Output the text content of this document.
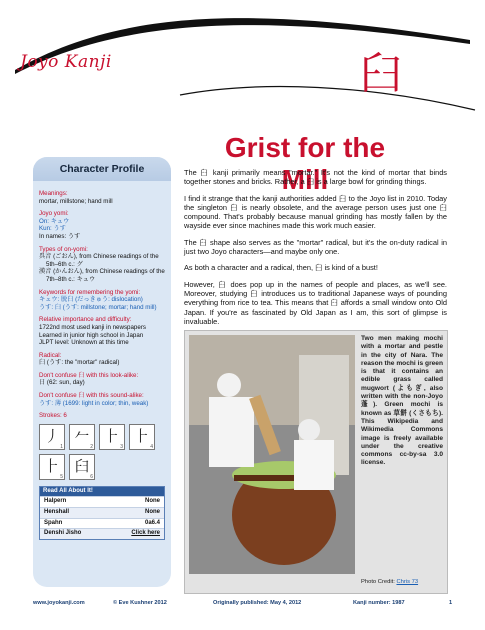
Joyo Kanji	臼
Grist for the Mill
Character Profile
Meanings:
mortar, millstone; hand mill
Joyo yomi:
On: キュウ
Kun: うす
In names: うす
Types of on-yomi:
呉音 (ごおん), from Chinese readings of the 5th–6th c.: グ
漢音 (かんおん), from Chinese readings of the 7th–8th c.: キュウ
Keywords for remembering the yomi:
キュウ: 脱臼 (だっきゅう: dislocation)
うす: 臼 (うす: millstone; mortar; hand mill)
Relative importance and difficulty:
1722nd most used kanji in newspapers
Learned in junior high school in Japan
JLPT level: Unknown at this time
Radical:
臼 (うす: the "mortar" radical)
Don't confuse 臼 with this look-alike:
日 (62: sun, day)
Don't confuse 臼 with this sound-alike:
うす: 薄 (1699: light in color; thin, weak)
Strokes: 6
丿
1
𠂉
2
⺊
3
⺊
4
⺊
5
臼
6
Read All About It!
Halpern	None
Henshall	None
Spahn	0a6.4
Denshi Jisho	Click here

The 臼 kanji primarily means "mortar." It's not the kind of mortar that binds together stones and bricks. Rather, a 臼 is a large bowl for grinding things.

I find it strange that the kanji authorities added 臼 to the Joyo list in 2010. Today the singleton 臼 is nearly obsolete, and the average person uses just one 臼 compound. That's probably because manual grinding has mostly fallen by the wayside ever since machines made this work much easier.

The 臼 shape also serves as the "mortar" radical, but it's the on-duty radical in just two Joyo characters—and maybe only one.

As both a character and a radical, then, 臼 is kind of a bust!

However, 臼 does pop up in the names of people and places, as we'll see. Moreover, studying 臼 introduces us to traditional Japanese ways of pounding everything from rice to tea. This means that 臼 affords a small window onto Old Japan. If you're as fascinated by Old Japan as I am, this sort of glimpse is invaluable.

Two men making mochi with a mortar and pestle in the city of Nara. The reason the mochi is green is that it contains an edible grass called mugwort (よもぎ, also written with the non-Joyo 蓬). Green mochi is known as 草餅 (くさもち). This Wikipedia and Wikimedia Commons image is freely available under the creative commons cc-by-sa 3.0 license.
Photo Credit: Chris 73
www.joyokanji.com	© Eve Kushner 2012	Originally published: May 4, 2012	Kanji number: 1987	1
